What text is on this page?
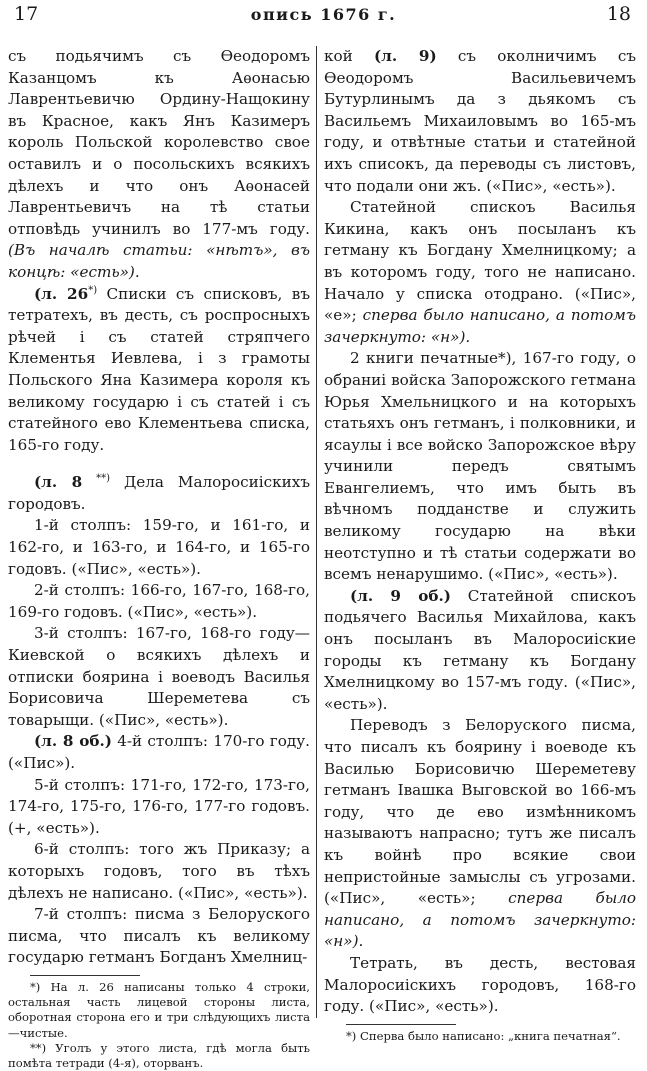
17	опись 1676 г.	18

съ подьячимъ съ Ѳеодоромъ Казанцомъ къ Аѳонасью Лаврентьевичю Ордину-Нащокину въ Красное, какъ Янъ Казимеръ король Польской королевство свое оставилъ и о посольскихъ всякихъ дѣлехъ и что онъ Аѳонасей Лаврентьевичъ на тѣ статьи отповѣдь учинилъ во 177-мъ году. (Въ началѣ статьи: «нѣтъ», въ концѣ: «есть»).

(л. 26*) Списки съ списковъ, въ тетратехъ, въ десть, съ роспросныхъ рѣчей і съ статей стряпчего Клементья Иевлева, і з грамоты Польского Яна Казимера короля къ великому государю і съ статей і съ статейного ево Клементьева списка, 165-го году.

(л. 8 **) Дела Малоросиіскихъ городовъ.

1-й столпъ: 159-го, и 161-го, и 162-го, и 163-го, и 164-го, и 165-го годовъ. («Пис», «есть»).

2-й столпъ: 166-го, 167-го, 168-го, 169-го годовъ. («Пис», «есть»).

3-й столпъ: 167-го, 168-го году—Киевской о всякихъ дѣлехъ и отписки боярина і воеводъ Василья Борисовича Шереметева съ товарыщи. («Пис», «есть»).

(л. 8 об.) 4-й столпъ: 170-го году. («Пис»).

5-й столпъ: 171-го, 172-го, 173-го, 174-го, 175-го, 176-го, 177-го годовъ. (+, «есть»).

6-й столпъ: того жъ Приказу; а которыхъ годовъ, того въ тѣхъ дѣлехъ не написано. («Пис», «есть»).

7-й столпъ: писма з Белорускогo писма, что писалъ къ великому государю гетманъ Богданъ Хмелниц-

*) На л. 26 написаны только 4 строки, остальная часть лицевой стороны листа, оборотная сторона его и три слѣдующихъ листа—чистые.

**) Уголъ у этого листа, гдѣ могла быть помѣта тетради (4-я), оторванъ.

кой (л. 9) съ околничимъ съ Ѳеодоромъ Васильевичемъ Бутурлинымъ да з дьякомъ съ Васильемъ Михаиловымъ во 165-мъ году, и отвѣтные статьи и статейной ихъ списокъ, да переводы съ листовъ, что подали они жъ. («Пис», «есть»).

Статейной спискoъ Василья Кикина, какъ онъ посыланъ къ гетману къ Богдану Хмелницкому; а въ которомъ году, того не написано. Начало у списка отодрано. («Пис», «е»; сперва было написано, а потомъ зачеркнуто: «н»).

2 книги печатные*), 167-го году, о обраниі войска Запорожского гетмана Юрья Хмельницкого и на которыхъ статьяхъ онъ гетманъ, і полковники, и ясаулы і все войско Запорожское вѣру учинили передъ святымъ Евангелиемъ, что имъ быть въ вѣчномъ подданстве и служить великому государю на вѣки неотступно и тѣ статьи содержати во всемъ ненарушимо. («Пис», «есть»).

(л. 9 об.) Статейной спискoъ подьячего Василья Михайлова, какъ онъ посыланъ въ Малоросиiские городы къ гетману къ Богдану Хмелницкому во 157-мъ году. («Пис», «есть»).

Переводъ з Белорускогo писма, что писалъ къ боярину і воеводе къ Василью Борисовичю Шереметеву гетманъ Івашка Выговской во 166-мъ году, что де ево измѣнникомъ называютъ напрасно; тутъ же писалъ къ войнѣ про всякие свои непристойные замыслы съ угрозами. («Пис», «есть»; сперва было написано, а потомъ зачеркнуто: «н»).

Тетрать, въ десть, вестовая Малоросиiскихъ городовъ, 168-го году. («Пис», «есть»).

*) Сперва было написано: „книга печатная“.
